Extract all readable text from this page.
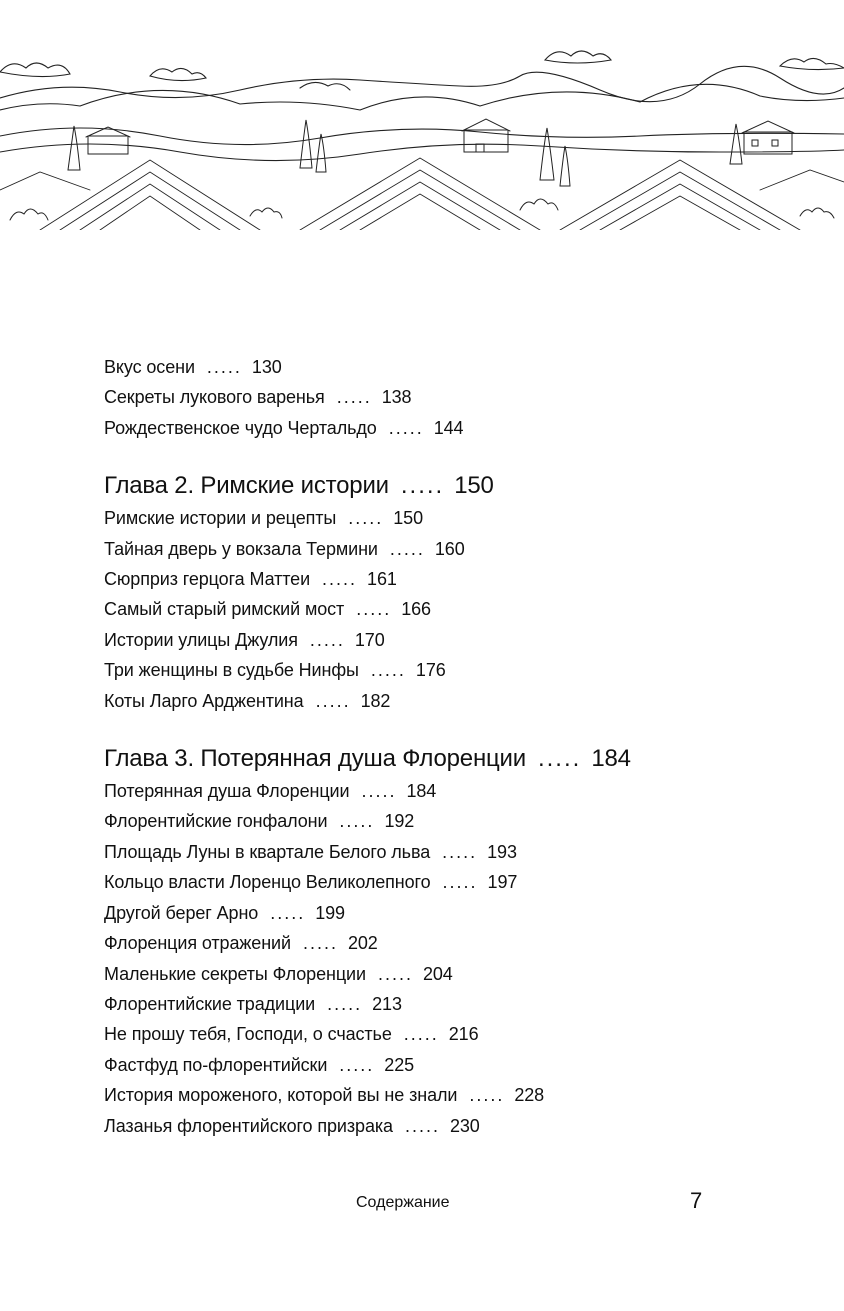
Вкус осени ..... 130
Секреты лукового варенья ..... 138
Рождественское чудо Чертальдо ..... 144
Глава 2. Римские истории ..... 150
Римские истории и рецепты ..... 150
Тайная дверь у вокзала Термини ..... 160
Сюрприз герцога Маттеи ..... 161
Самый старый римский мост ..... 166
Истории улицы Джулия ..... 170
Три женщины в судьбе Нинфы ..... 176
Коты Ларго Арджентина ..... 182
Глава 3. Потерянная душа Флоренции ..... 184
Потерянная душа Флоренции ..... 184
Флорентийские гонфалони ..... 192
Площадь Луны в квартале Белого льва ..... 193
Кольцо власти Лоренцо Великолепного ..... 197
Другой берег Арно ..... 199
Флоренция отражений ..... 202
Маленькие секреты Флоренции ..... 204
Флорентийские традиции ..... 213
Не прошу тебя, Господи, о счастье ..... 216
Фастфуд по-флорентийски ..... 225
История мороженого, которой вы не знали ..... 228
Лазанья флорентийского призрака ..... 230
Содержание	7
